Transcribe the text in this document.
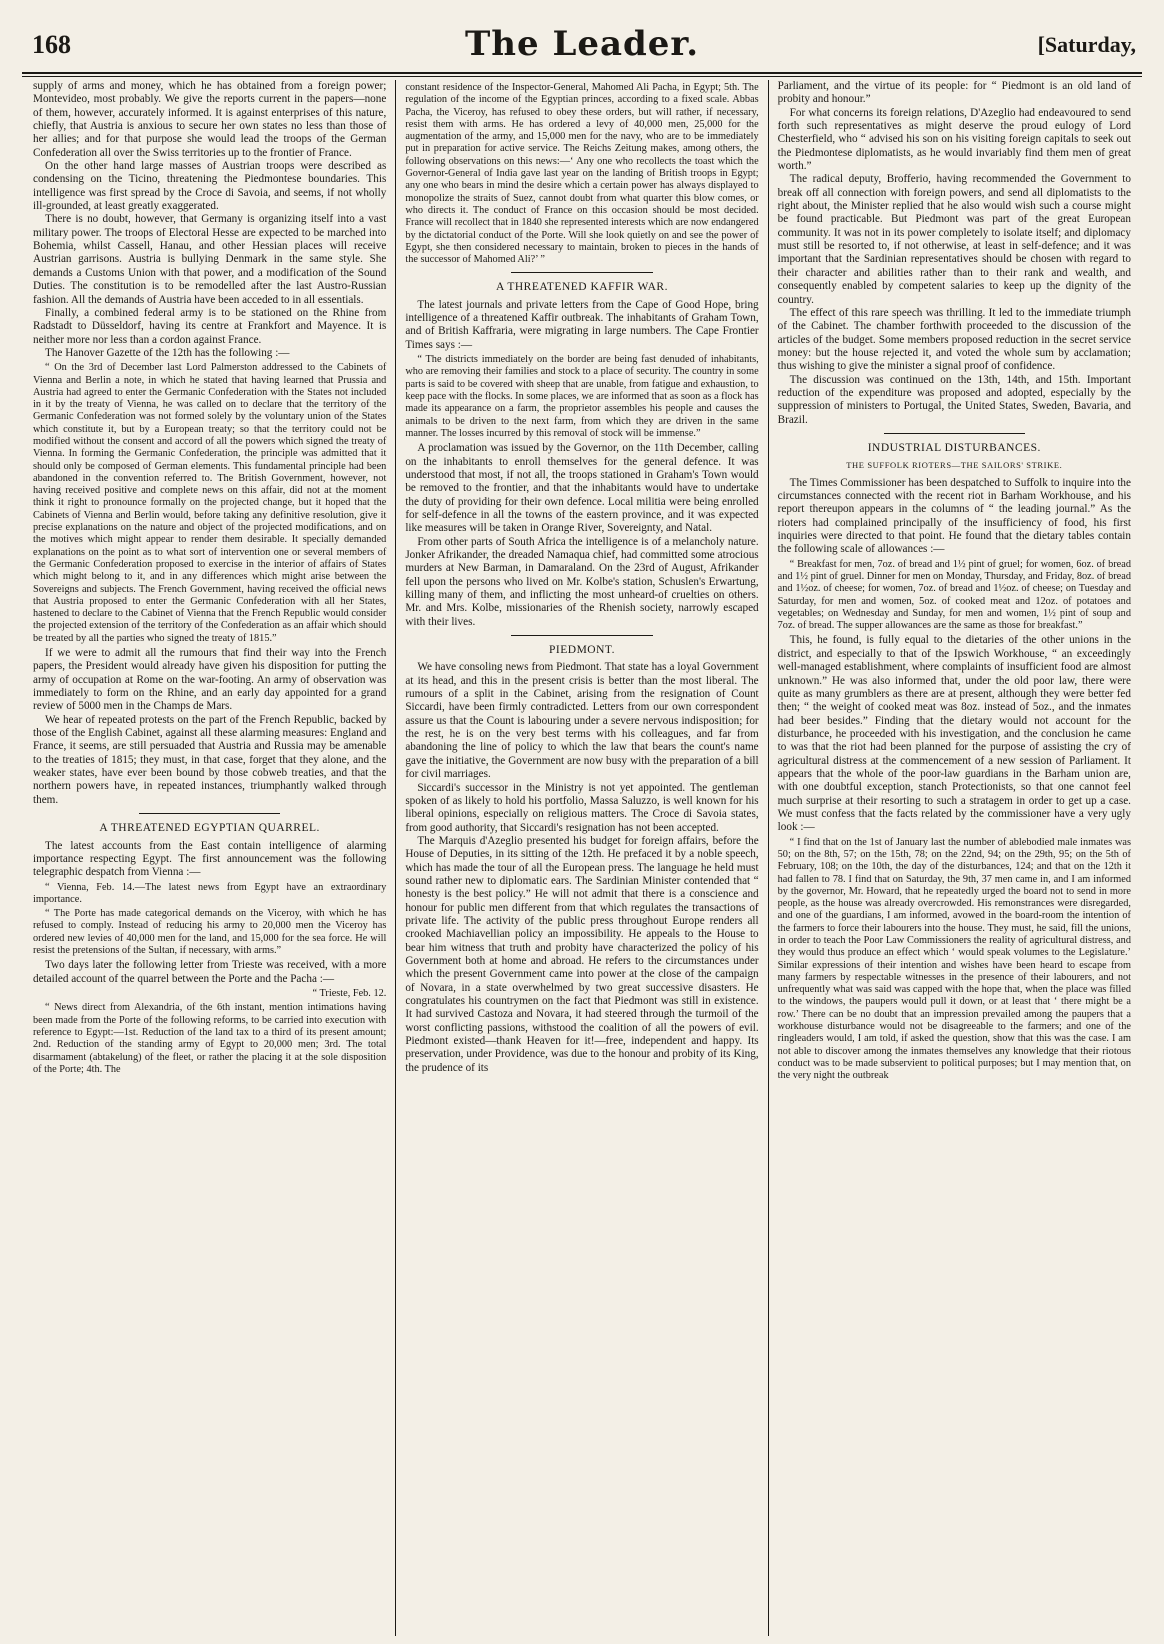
168	The Leader.	[Saturday,

supply of arms and money, which he has obtained from a foreign power; Montevideo, most probably. We give the reports current in the papers—none of them, however, accurately informed. It is against enterprises of this nature, chiefly, that Austria is anxious to secure her own states no less than those of her allies; and for that purpose she would lead the troops of the German Confederation all over the Swiss territories up to the frontier of France.

On the other hand large masses of Austrian troops were described as condensing on the Ticino, threatening the Piedmontese boundaries. This intelligence was first spread by the Croce di Savoia, and seems, if not wholly ill-grounded, at least greatly exaggerated.

There is no doubt, however, that Germany is organizing itself into a vast military power. The troops of Electoral Hesse are expected to be marched into Bohemia, whilst Cassell, Hanau, and other Hessian places will receive Austrian garrisons. Austria is bullying Denmark in the same style. She demands a Customs Union with that power, and a modification of the Sound Duties. The constitution is to be remodelled after the last Austro-Russian fashion. All the demands of Austria have been acceded to in all essentials.

Finally, a combined federal army is to be stationed on the Rhine from Radstadt to Düsseldorf, having its centre at Frankfort and Mayence. It is neither more nor less than a cordon against France.

The Hanover Gazette of the 12th has the following :—

“ On the 3rd of December last Lord Palmerston addressed to the Cabinets of Vienna and Berlin a note, in which he stated that having learned that Prussia and Austria had agreed to enter the Germanic Confederation with the States not included in it by the treaty of Vienna, he was called on to declare that the territory of the Germanic Confederation was not formed solely by the voluntary union of the States which constitute it, but by a European treaty; so that the territory could not be modified without the consent and accord of all the powers which signed the treaty of Vienna. In forming the Germanic Confederation, the principle was admitted that it should only be composed of German elements. This fundamental principle had been abandoned in the convention referred to. The British Government, however, not having received positive and complete news on this affair, did not at the moment think it right to pronounce formally on the projected change, but it hoped that the Cabinets of Vienna and Berlin would, before taking any definitive resolution, give it precise explanations on the nature and object of the projected modifications, and on the motives which might appear to render them desirable. It specially demanded explanations on the point as to what sort of intervention one or several members of the Germanic Confederation proposed to exercise in the interior of affairs of States which might belong to it, and in any differences which might arise between the Sovereigns and subjects. The French Government, having received the official news that Austria proposed to enter the Germanic Confederation with all her States, hastened to declare to the Cabinet of Vienna that the French Republic would consider the projected extension of the territory of the Confederation as an affair which should be treated by all the parties who signed the treaty of 1815.”

If we were to admit all the rumours that find their way into the French papers, the President would already have given his disposition for putting the army of occupation at Rome on the war-footing. An army of observation was immediately to form on the Rhine, and an early day appointed for a grand review of 5000 men in the Champs de Mars.

We hear of repeated protests on the part of the French Republic, backed by those of the English Cabinet, against all these alarming measures: England and France, it seems, are still persuaded that Austria and Russia may be amenable to the treaties of 1815; they must, in that case, forget that they alone, and the weaker states, have ever been bound by those cobweb treaties, and that the northern powers have, in repeated instances, triumphantly walked through them.

A THREATENED EGYPTIAN QUARREL.

The latest accounts from the East contain intelligence of alarming importance respecting Egypt. The first announcement was the following telegraphic despatch from Vienna :—

“ Vienna, Feb. 14.—The latest news from Egypt have an extraordinary importance.

“ The Porte has made categorical demands on the Viceroy, with which he has refused to comply. Instead of reducing his army to 20,000 men the Viceroy has ordered new levies of 40,000 men for the land, and 15,000 for the sea force. He will resist the pretensions of the Sultan, if necessary, with arms.”

Two days later the following letter from Trieste was received, with a more detailed account of the quarrel between the Porte and the Pacha :—

“ Trieste, Feb. 12.

“ News direct from Alexandria, of the 6th instant, mention intimations having been made from the Porte of the following reforms, to be carried into execution with reference to Egypt:—1st. Reduction of the land tax to a third of its present amount; 2nd. Reduction of the standing army of Egypt to 20,000 men; 3rd. The total disarmament (abtakelung) of the fleet, or rather the placing it at the sole disposition of the Porte; 4th. The

constant residence of the Inspector-General, Mahomed Ali Pacha, in Egypt; 5th. The regulation of the income of the Egyptian princes, according to a fixed scale. Abbas Pacha, the Viceroy, has refused to obey these orders, but will rather, if necessary, resist them with arms. He has ordered a levy of 40,000 men, 25,000 for the augmentation of the army, and 15,000 men for the navy, who are to be immediately put in preparation for active service. The Reichs Zeitung makes, among others, the following observations on this news:—‘ Any one who recollects the toast which the Governor-General of India gave last year on the landing of British troops in Egypt; any one who bears in mind the desire which a certain power has always displayed to monopolize the straits of Suez, cannot doubt from what quarter this blow comes, or who directs it. The conduct of France on this occasion should be most decided. France will recollect that in 1840 she represented interests which are now endangered by the dictatorial conduct of the Porte. Will she look quietly on and see the power of Egypt, she then considered necessary to maintain, broken to pieces in the hands of the successor of Mahomed Ali?’ ”

A THREATENED KAFFIR WAR.

The latest journals and private letters from the Cape of Good Hope, bring intelligence of a threatened Kaffir outbreak. The inhabitants of Graham Town, and of British Kaffraria, were migrating in large numbers. The Cape Frontier Times says :—

“ The districts immediately on the border are being fast denuded of inhabitants, who are removing their families and stock to a place of security. The country in some parts is said to be covered with sheep that are unable, from fatigue and exhaustion, to keep pace with the flocks. In some places, we are informed that as soon as a flock has made its appearance on a farm, the proprietor assembles his people and causes the animals to be driven to the next farm, from which they are driven in the same manner. The losses incurred by this removal of stock will be immense.”

A proclamation was issued by the Governor, on the 11th December, calling on the inhabitants to enroll themselves for the general defence. It was understood that most, if not all, the troops stationed in Graham's Town would be removed to the frontier, and that the inhabitants would have to undertake the duty of providing for their own defence. Local militia were being enrolled for self-defence in all the towns of the eastern province, and it was expected like measures will be taken in Orange River, Sovereignty, and Natal.

From other parts of South Africa the intelligence is of a melancholy nature. Jonker Afrikander, the dreaded Namaqua chief, had committed some atrocious murders at New Barman, in Damaraland. On the 23rd of August, Afrikander fell upon the persons who lived on Mr. Kolbe's station, Schuslen's Erwartung, killing many of them, and inflicting the most unheard-of cruelties on others. Mr. and Mrs. Kolbe, missionaries of the Rhenish society, narrowly escaped with their lives.

PIEDMONT.

We have consoling news from Piedmont. That state has a loyal Government at its head, and this in the present crisis is better than the most liberal. The rumours of a split in the Cabinet, arising from the resignation of Count Siccardi, have been firmly contradicted. Letters from our own correspondent assure us that the Count is labouring under a severe nervous indisposition; for the rest, he is on the very best terms with his colleagues, and far from abandoning the line of policy to which the law that bears the count's name gave the initiative, the Government are now busy with the preparation of a bill for civil marriages.

Siccardi's successor in the Ministry is not yet appointed. The gentleman spoken of as likely to hold his portfolio, Massa Saluzzo, is well known for his liberal opinions, especially on religious matters. The Croce di Savoia states, from good authority, that Siccardi's resignation has not been accepted.

The Marquis d'Azeglio presented his budget for foreign affairs, before the House of Deputies, in its sitting of the 12th. He prefaced it by a noble speech, which has made the tour of all the European press. The language he held must sound rather new to diplomatic ears. The Sardinian Minister contended that “ honesty is the best policy.” He will not admit that there is a conscience and honour for public men different from that which regulates the transactions of private life. The activity of the public press throughout Europe renders all crooked Machiavellian policy an impossibility. He appeals to the House to bear him witness that truth and probity have characterized the policy of his Government both at home and abroad. He refers to the circumstances under which the present Government came into power at the close of the campaign of Novara, in a state overwhelmed by two great successive disasters. He congratulates his countrymen on the fact that Piedmont was still in existence. It had survived Castoza and Novara, it had steered through the turmoil of the worst conflicting passions, withstood the coalition of all the powers of evil. Piedmont existed—thank Heaven for it!—free, independent and happy. Its preservation, under Providence, was due to the honour and probity of its King, the prudence of its

Parliament, and the virtue of its people: for “ Piedmont is an old land of probity and honour.”

For what concerns its foreign relations, D'Azeglio had endeavoured to send forth such representatives as might deserve the proud eulogy of Lord Chesterfield, who “ advised his son on his visiting foreign capitals to seek out the Piedmontese diplomatists, as he would invariably find them men of great worth.”

The radical deputy, Brofferio, having recommended the Government to break off all connection with foreign powers, and send all diplomatists to the right about, the Minister replied that he also would wish such a course might be found practicable. But Piedmont was part of the great European community. It was not in its power completely to isolate itself; and diplomacy must still be resorted to, if not otherwise, at least in self-defence; and it was important that the Sardinian representatives should be chosen with regard to their character and abilities rather than to their rank and wealth, and consequently enabled by competent salaries to keep up the dignity of the country.

The effect of this rare speech was thrilling. It led to the immediate triumph of the Cabinet. The chamber forthwith proceeded to the discussion of the articles of the budget. Some members proposed reduction in the secret service money: but the house rejected it, and voted the whole sum by acclamation; thus wishing to give the minister a signal proof of confidence.

The discussion was continued on the 13th, 14th, and 15th. Important reduction of the expenditure was proposed and adopted, especially by the suppression of ministers to Portugal, the United States, Sweden, Bavaria, and Brazil.

INDUSTRIAL DISTURBANCES.
THE SUFFOLK RIOTERS—THE SAILORS' STRIKE.

The Times Commissioner has been despatched to Suffolk to inquire into the circumstances connected with the recent riot in Barham Workhouse, and his report thereupon appears in the columns of “ the leading journal.” As the rioters had complained principally of the insufficiency of food, his first inquiries were directed to that point. He found that the dietary tables contain the following scale of allowances :—

“ Breakfast for men, 7oz. of bread and 1½ pint of gruel; for women, 6oz. of bread and 1½ pint of gruel. Dinner for men on Monday, Thursday, and Friday, 8oz. of bread and 1½oz. of cheese; for women, 7oz. of bread and 1½oz. of cheese; on Tuesday and Saturday, for men and women, 5oz. of cooked meat and 12oz. of potatoes and vegetables; on Wednesday and Sunday, for men and women, 1½ pint of soup and 7oz. of bread. The supper allowances are the same as those for breakfast.”

This, he found, is fully equal to the dietaries of the other unions in the district, and especially to that of the Ipswich Workhouse, “ an exceedingly well-managed establishment, where complaints of insufficient food are almost unknown.” He was also informed that, under the old poor law, there were quite as many grumblers as there are at present, although they were better fed then; “ the weight of cooked meat was 8oz. instead of 5oz., and the inmates had beer besides.” Finding that the dietary would not account for the disturbance, he proceeded with his investigation, and the conclusion he came to was that the riot had been planned for the purpose of assisting the cry of agricultural distress at the commencement of a new session of Parliament. It appears that the whole of the poor-law guardians in the Barham union are, with one doubtful exception, stanch Protectionists, so that one cannot feel much surprise at their resorting to such a stratagem in order to get up a case. We must confess that the facts related by the commissioner have a very ugly look :—

“ I find that on the 1st of January last the number of ablebodied male inmates was 50; on the 8th, 57; on the 15th, 78; on the 22nd, 94; on the 29th, 95; on the 5th of February, 108; on the 10th, the day of the disturbances, 124; and that on the 12th it had fallen to 78. I find that on Saturday, the 9th, 37 men came in, and I am informed by the governor, Mr. Howard, that he repeatedly urged the board not to send in more people, as the house was already overcrowded. His remonstrances were disregarded, and one of the guardians, I am informed, avowed in the board-room the intention of the farmers to force their labourers into the house. They must, he said, fill the unions, in order to teach the Poor Law Commissioners the reality of agricultural distress, and they would thus produce an effect which ‘ would speak volumes to the Legislature.’ Similar expressions of their intention and wishes have been heard to escape from many farmers by respectable witnesses in the presence of their labourers, and not unfrequently what was said was capped with the hope that, when the place was filled to the windows, the paupers would pull it down, or at least that ‘ there might be a row.’ There can be no doubt that an impression prevailed among the paupers that a workhouse disturbance would not be disagreeable to the farmers; and one of the ringleaders would, I am told, if asked the question, show that this was the case. I am not able to discover among the inmates themselves any knowledge that their riotous conduct was to be made subservient to political purposes; but I may mention that, on the very night the outbreak
